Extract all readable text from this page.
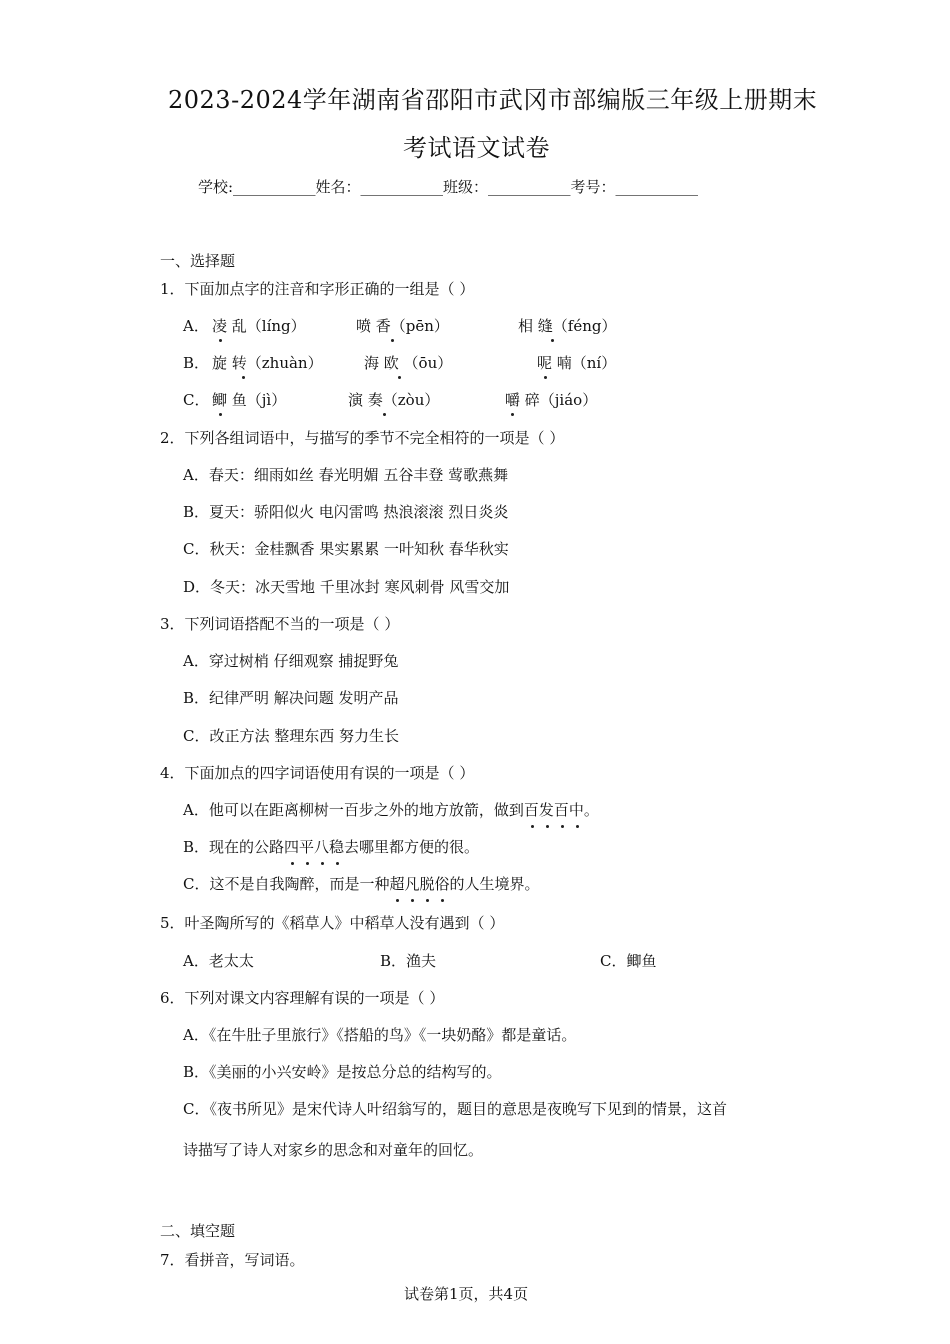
2023-2024学年湖南省邵阳市武冈市部编版三年级上册期末
考试语文试卷
学校:___________姓名：___________班级：___________考号：___________
一、选择题
1．下面加点字的注音和字形正确的一组是（ ）
A． 凌 乱（líng）	喷 香（pēn）	相 缝（féng）
B． 旋 转（zhuàn）	海 欧 （ōu）	呢 喃（ní）
C． 鲫 鱼（jì）	演 奏（zòu）	嚼 碎（jiáo）
2．下列各组词语中，与描写的季节不完全相符的一项是（ ）
A．春天：细雨如丝 春光明媚 五谷丰登 莺歌燕舞
B．夏天：骄阳似火 电闪雷鸣 热浪滚滚 烈日炎炎
C．秋天：金桂飘香 果实累累 一叶知秋 春华秋实
D．冬天：冰天雪地 千里冰封 寒风刺骨 风雪交加
3．下列词语搭配不当的一项是（ ）
A．穿过树梢 仔细观察 捕捉野兔
B．纪律严明 解决问题 发明产品
C．改正方法 整理东西 努力生长
4．下面加点的四字词语使用有误的一项是（ ）
A．他可以在距离柳树一百步之外的地方放箭，做到百发百中
。
B．现在的公路四平八稳
去哪里都方便的很。
C．这不是自我陶醉，而是一种超凡脱俗
的人生境界。
5．叶圣陶所写的《稻草人》中稻草人没有遇到（ ）
A．老太太	B．渔夫	C．鲫鱼
6．下列对课文内容理解有误的一项是（ ）
A．《在牛肚子里旅行》《搭船的鸟》《一块奶酪》都是童话。
B．《美丽的小兴安岭》是按总分总的结构写的。
C．《夜书所见》是宋代诗人叶绍翁写的，题目的意思是夜晚写下见到的情景，这首
诗描写了诗人对家乡的思念和对童年的回忆。
二、填空题
7．看拼音，写词语。
试卷第1页，共4页
